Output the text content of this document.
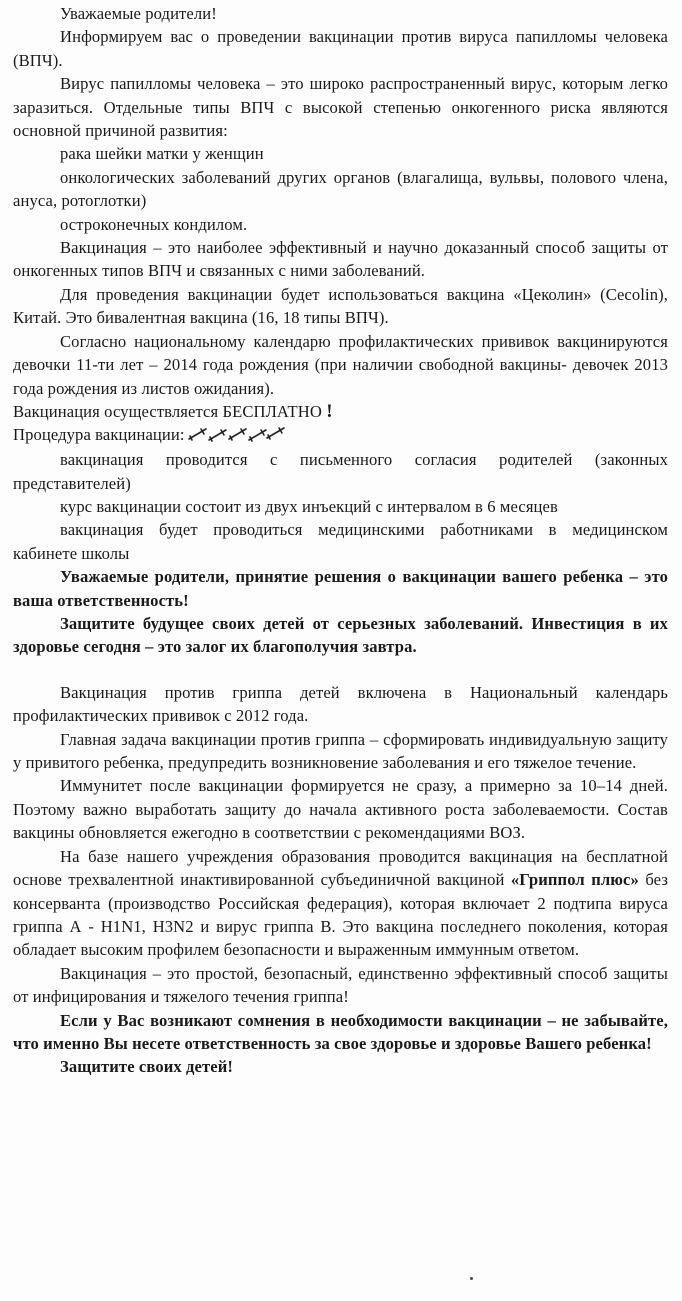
Уважаемые родители!

Информируем вас о проведении вакцинации против вируса папилломы человека (ВПЧ).

Вирус папилломы человека – это широко распространенный вирус, которым легко заразиться. Отдельные типы ВПЧ с высокой степенью онкогенного риска являются основной причиной развития:

рака шейки матки у женщин

онкологических заболеваний других органов (влагалища, вульвы, полового члена, ануса, ротоглотки)

остроконечных кондилом.

Вакцинация – это наиболее эффективный и научно доказанный способ защиты от онкогенных типов ВПЧ и связанных с ними заболеваний.

Для проведения вакцинации будет использоваться вакцина «Цеколин» (Cecolin), Китай. Это бивалентная вакцина (16, 18 типы ВПЧ).

Согласно национальному календарю профилактических прививок вакцинируются девочки 11-ти лет – 2014 года рождения (при наличии свободной вакцины- девочек 2013 года рождения из листов ожидания).

Вакцинация осуществляется БЕСПЛАТНО !

Процедура вакцинации:

вакцинация проводится с письменного согласия родителей (законных представителей)

курс вакцинации состоит из двух инъекций с интервалом в 6 месяцев

вакцинация будет проводиться медицинскими работниками в медицинском кабинете школы

Уважаемые родители, принятие решения о вакцинации вашего ребенка – это ваша ответственность!

Защитите будущее своих детей от серьезных заболеваний. Инвестиция в их здоровье сегодня – это залог их благополучия завтра.

Вакцинация против гриппа детей включена в Национальный календарь профилактических прививок с 2012 года.

Главная задача вакцинации против гриппа – сформировать индивидуальную защиту у привитого ребенка, предупредить возникновение заболевания и его тяжелое течение.

Иммунитет после вакцинации формируется не сразу, а примерно за 10–14 дней. Поэтому важно выработать защиту до начала активного роста заболеваемости. Состав вакцины обновляется ежегодно в соответствии с рекомендациями ВОЗ.

На базе нашего учреждения образования проводится вакцинация на бесплатной основе трехвалентной инактивированной субъединичной вакциной «Гриппол плюс» без консерванта (производство Российская федерация), которая включает 2 подтипа вируса гриппа А - H1N1, H3N2 и вирус гриппа В. Это вакцина последнего поколения, которая обладает высоким профилем безопасности и выраженным иммунным ответом.

Вакцинация – это простой, безопасный, единственно эффективный способ защиты от инфицирования и тяжелого течения гриппа!

Если у Вас возникают сомнения в необходимости вакцинации – не забывайте, что именно Вы несете ответственность за свое здоровье и здоровье Вашего ребенка!

Защитите своих детей!
